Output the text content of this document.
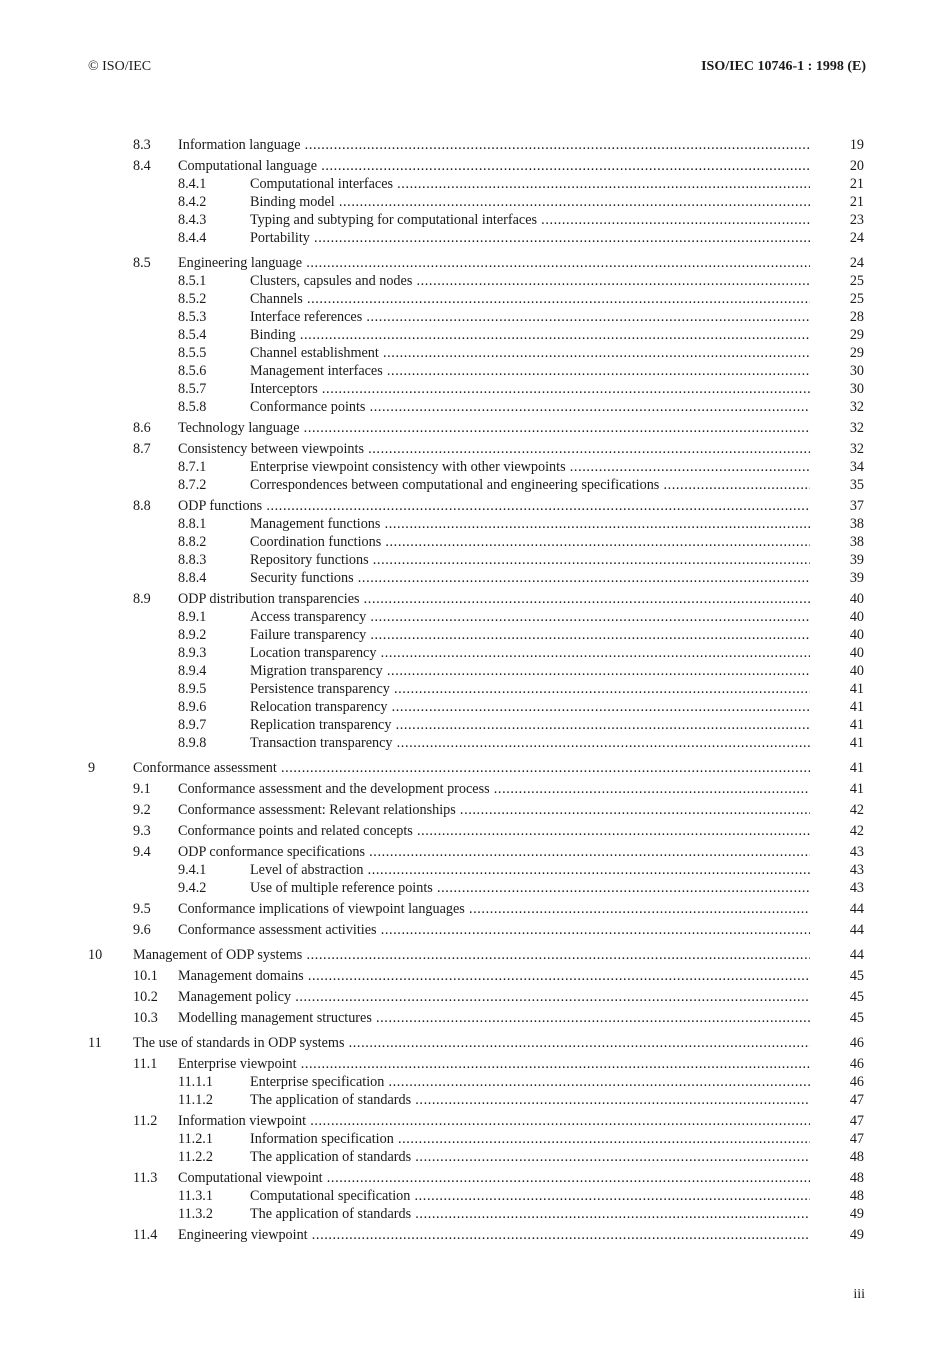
© ISO/IEC	ISO/IEC 10746-1 : 1998 (E)
8.3 Information language .....	19
8.4 Computational language .....	20
8.4.1	Computational interfaces .....	21
8.4.2	Binding model .....	21
8.4.3	Typing and subtyping for computational interfaces .....	23
8.4.4	Portability .....	24
8.5 Engineering language .....	24
8.5.1	Clusters, capsules and nodes .....	25
8.5.2	Channels .....	25
8.5.3	Interface references .....	28
8.5.4	Binding .....	29
8.5.5	Channel establishment .....	29
8.5.6	Management interfaces .....	30
8.5.7	Interceptors .....	30
8.5.8	Conformance points .....	32
8.6 Technology language .....	32
8.7 Consistency between viewpoints .....	32
8.7.1	Enterprise viewpoint consistency with other viewpoints .....	34
8.7.2	Correspondences between computational and engineering specifications .....	35
8.8 ODP functions .....	37
8.8.1	Management functions .....	38
8.8.2	Coordination functions .....	38
8.8.3	Repository functions .....	39
8.8.4	Security functions .....	39
8.9 ODP distribution transparencies .....	40
8.9.1	Access transparency .....	40
8.9.2	Failure transparency .....	40
8.9.3	Location transparency .....	40
8.9.4	Migration transparency .....	40
8.9.5	Persistence transparency .....	41
8.9.6	Relocation transparency .....	41
8.9.7	Replication transparency .....	41
8.9.8	Transaction transparency .....	41
9	Conformance assessment .....	41
9.1 Conformance assessment and the development process .....	41
9.2 Conformance assessment: Relevant relationships .....	42
9.3 Conformance points and related concepts .....	42
9.4 ODP conformance specifications .....	43
9.4.1	Level of abstraction .....	43
9.4.2	Use of multiple reference points .....	43
9.5 Conformance implications of viewpoint languages .....	44
9.6 Conformance assessment activities .....	44
10 Management of ODP systems .....	44
10.1 Management domains .....	45
10.2 Management policy .....	45
10.3 Modelling management structures .....	45
11 The use of standards in ODP systems .....	46
11.1 Enterprise viewpoint .....	46
11.1.1	Enterprise specification .....	46
11.1.2	The application of standards .....	47
11.2 Information viewpoint .....	47
11.2.1	Information specification .....	47
11.2.2	The application of standards .....	48
11.3 Computational viewpoint .....	48
11.3.1	Computational specification .....	48
11.3.2	The application of standards .....	49
11.4 Engineering viewpoint .....	49
iii
